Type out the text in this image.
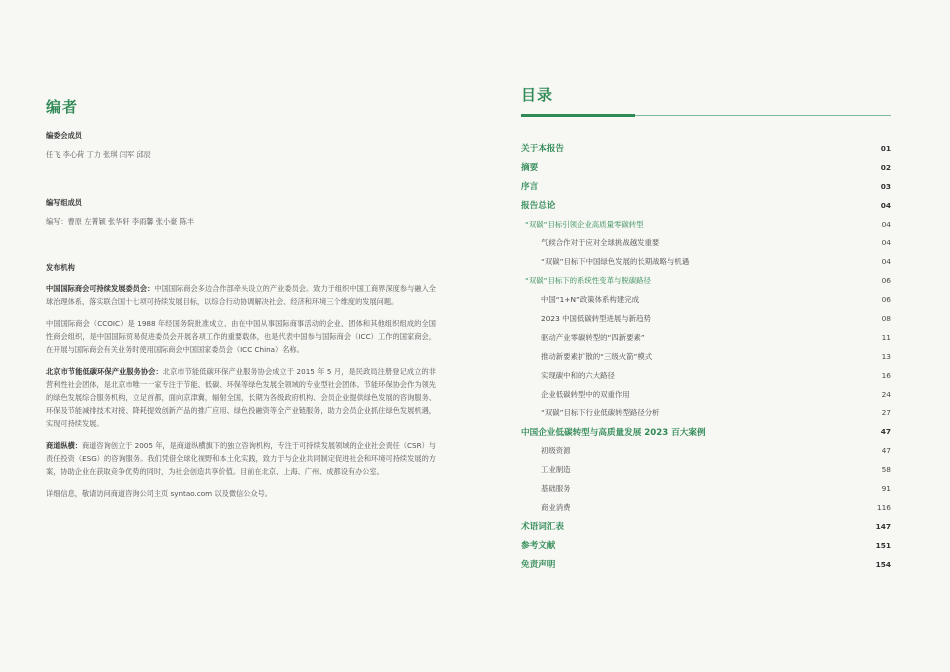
编者
编委会成员
任飞 李心荷 丁力 张琪 闫军 邱辰
编写组成员
编写：曹原 左菁颖 张华轩 李雨馨 张小豪 陈丰
发布机构
中国国际商会可持续发展委员会：中国国际商会多边合作部牵头设立的产业委员会。致力于组织中国工商界深度参与融入全球治理体系，落实联合国十七项可持续发展目标，以综合行动协调解决社会、经济和环境三个维度的发展问题。
中国国际商会（CCOIC）是 1988 年经国务院批准成立、由在中国从事国际商事活动的企业、团体和其他组织组成的全国性商会组织，是中国国际贸易促进委员会开展各项工作的重要载体，也是代表中国参与国际商会（ICC）工作的国家商会，在开展与国际商会有关业务时使用国际商会中国国家委员会（ICC China）名称。
北京市节能低碳环保产业服务协会：北京市节能低碳环保产业服务协会成立于 2015 年 5 月，是民政局注册登记成立的非营利性社会团体，是北京市唯一一家专注于节能、低碳、环保等绿色发展全领域的专业型社会团体。节能环保协会作为领先的绿色发展综合服务机构，立足首都，面向京津冀，辐射全国，长期为各级政府机构、会员企业提供绿色发展的咨询服务、环保及节能减排技术对接、降耗提效创新产品的推广应用、绿色投融资等全产业链服务，助力会员企业抓住绿色发展机遇，实现可持续发展。
商道纵横：商道咨询创立于 2005 年，是商道纵横旗下的独立咨询机构，专注于可持续发展领域的企业社会责任（CSR）与责任投资（ESG）的咨询服务。我们凭借全球化视野和本土化实践，致力于与企业共同制定促进社会和环境可持续发展的方案，协助企业在获取竞争优势的同时，为社会创造共享价值。目前在北京、上海、广州、成都设有办公室。
详细信息，敬请访问商道咨询公司主页 syntao.com 以及微信公众号。
目录
关于本报告	01
摘要	02
序言	03
报告总论	04
“双碳”目标引领企业高质量零碳转型	04
气候合作对于应对全球挑战越发重要	04
“双碳”目标下中国绿色发展的长期战略与机遇	04
“双碳”目标下的系统性变革与脱碳路径	06
中国“1+N”政策体系构建完成	06
2023 中国低碳转型进展与新趋势	08
驱动产业零碳转型的“四新要素”	11
推动新要素扩散的“三级火箭”模式	13
实现碳中和的六大路径	16
企业低碳转型中的双重作用	24
“双碳”目标下行业低碳转型路径分析	27
中国企业低碳转型与高质量发展 2023 百大案例	47
初级资源	47
工业制造	58
基础服务	91
商业消费	116
术语词汇表	147
参考文献	151
免责声明	154
